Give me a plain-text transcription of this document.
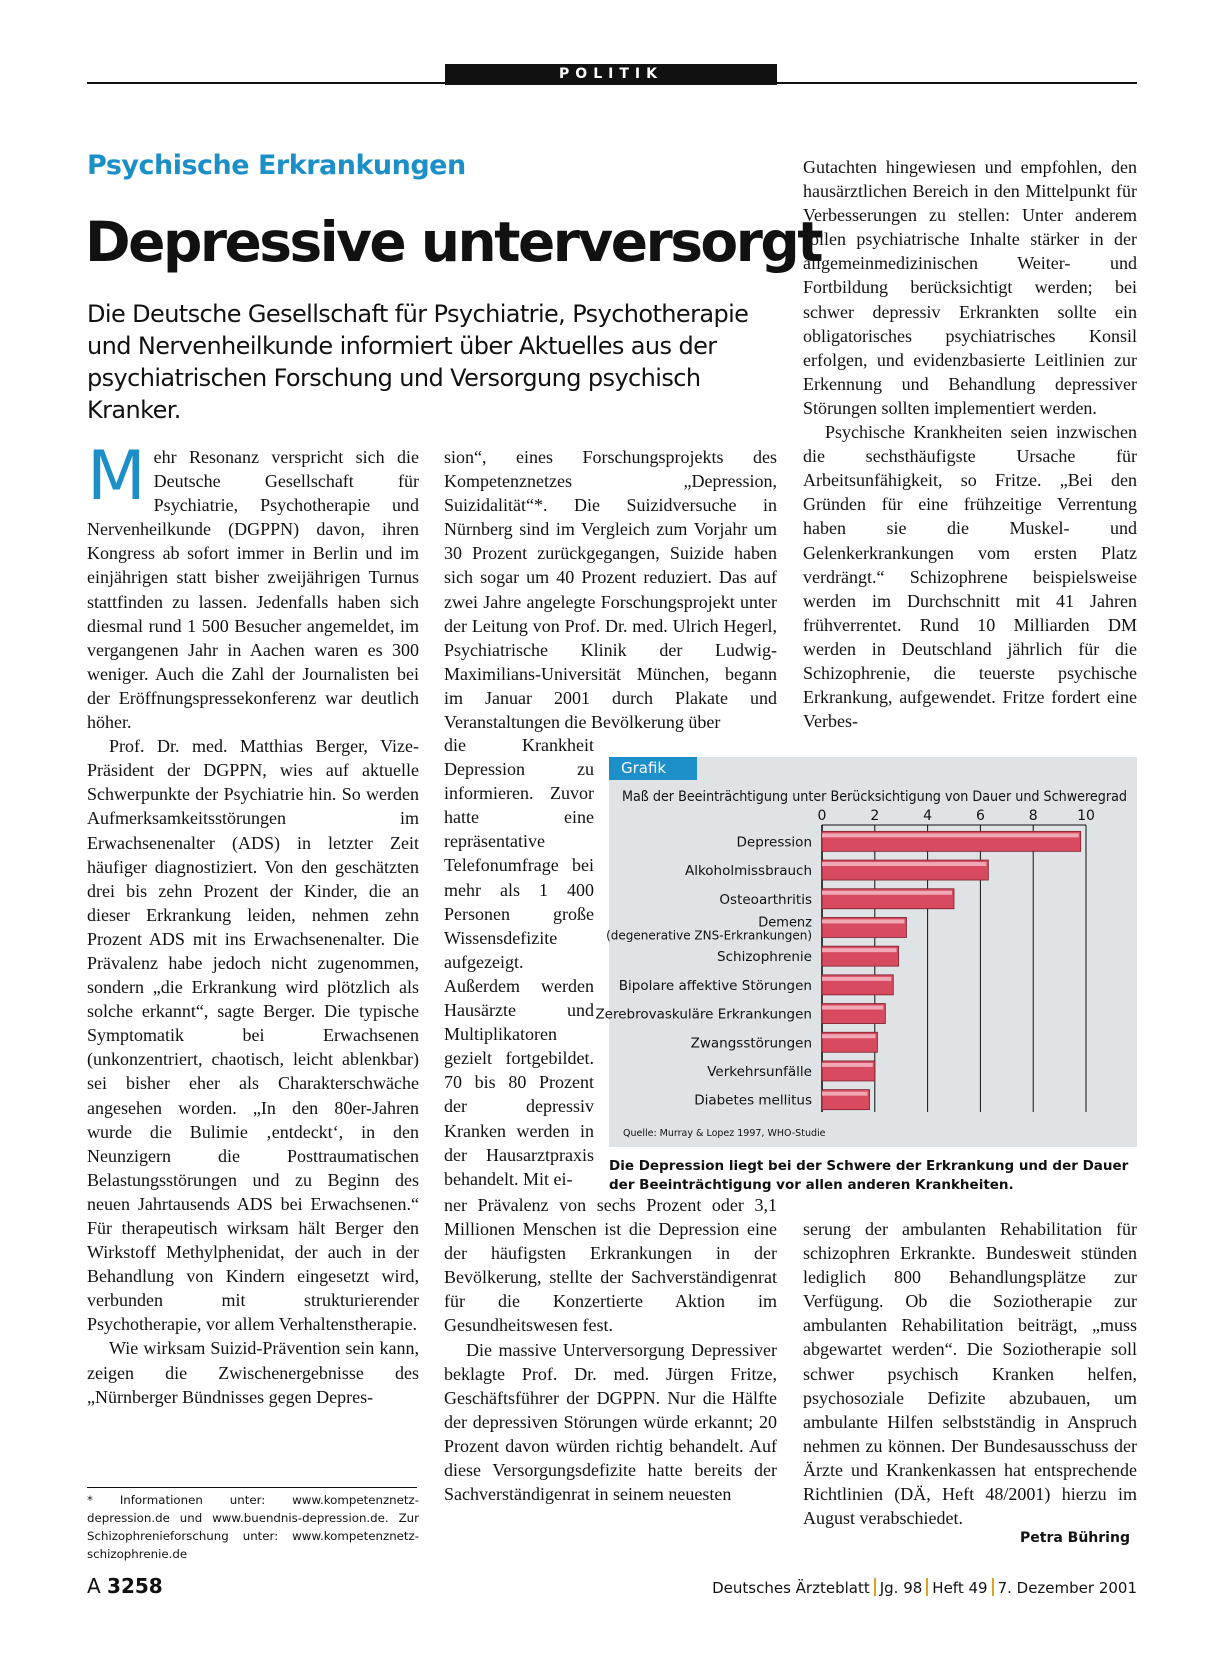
POLITIK
Psychische Erkrankungen
Depressive unterversorgt
Die Deutsche Gesellschaft für Psychiatrie, Psychotherapie und Nervenheilkunde informiert über Aktuelles aus der psychiatrischen Forschung und Versorgung psychisch Kranker.

Mehr Resonanz verspricht sich die Deutsche Gesellschaft für Psychiatrie, Psychotherapie und Nervenheilkunde (DGPPN) davon, ihren Kongress ab sofort immer in Berlin und im einjährigen statt bisher zweijährigen Turnus stattfinden zu lassen. Jedenfalls haben sich diesmal rund 1 500 Besucher angemeldet, im vergangenen Jahr in Aachen waren es 300 weniger. Auch die Zahl der Journalisten bei der Eröffnungspressekonferenz war deutlich höher.

Prof. Dr. med. Matthias Berger, Vize-Präsident der DGPPN, wies auf aktuelle Schwerpunkte der Psychiatrie hin. So werden Aufmerksamkeitsstörungen im Erwachsenenalter (ADS) in letzter Zeit häufiger diagnostiziert. Von den geschätzten drei bis zehn Prozent der Kinder, die an dieser Erkrankung leiden, nehmen zehn Prozent ADS mit ins Erwachsenenalter. Die Prävalenz habe jedoch nicht zugenommen, sondern „die Erkrankung wird plötzlich als solche erkannt“, sagte Berger. Die typische Symptomatik bei Erwachsenen (unkonzentriert, chaotisch, leicht ablenkbar) sei bisher eher als Charakterschwäche angesehen worden. „In den 80er-Jahren wurde die Bulimie ‚entdeckt‘, in den Neunzigern die Posttraumatischen Belastungsstörungen und zu Beginn des neuen Jahrtausends ADS bei Erwachsenen.“ Für therapeutisch wirksam hält Berger den Wirkstoff Methylphenidat, der auch in der Behandlung von Kindern eingesetzt wird, verbunden mit strukturierender Psychotherapie, vor allem Verhaltenstherapie.

Wie wirksam Suizid-Prävention sein kann, zeigen die Zwischenergebnisse des „Nürnberger Bündnisses gegen Depres-

sion“, eines Forschungsprojekts des Kompetenznetzes „Depression, Suizidalität“*. Die Suizidversuche in Nürnberg sind im Vergleich zum Vorjahr um 30 Prozent zurückgegangen, Suizide haben sich sogar um 40 Prozent reduziert. Das auf zwei Jahre angelegte Forschungsprojekt unter der Leitung von Prof. Dr. med. Ulrich Hegerl, Psychiatrische Klinik der Ludwig-Maximilians-Universität München, begann im Januar 2001 durch Plakate und Veranstaltungen die Bevölkerung über

die Krankheit Depression zu informieren. Zuvor hatte eine repräsentative Telefonumfrage bei mehr als 1 400 Personen große Wissensdefizite aufgezeigt. Außerdem werden Hausärzte und Multiplikatoren gezielt fortgebildet. 70 bis 80 Prozent der depressiv Kranken werden in der Hausarztpraxis behandelt. Mit ei-

ner Prävalenz von sechs Prozent oder 3,1 Millionen Menschen ist die Depression eine der häufigsten Erkrankungen in der Bevölkerung, stellte der Sachverständigenrat für die Konzertierte Aktion im Gesundheitswesen fest.

Die massive Unterversorgung Depressiver beklagte Prof. Dr. med. Jürgen Fritze, Geschäftsführer der DGPPN. Nur die Hälfte der depressiven Störungen würde erkannt; 20 Prozent davon würden richtig behandelt. Auf diese Versorgungsdefizite hatte bereits der Sachverständigenrat in seinem neuesten

Gutachten hingewiesen und empfohlen, den hausärztlichen Bereich in den Mittelpunkt für Verbesserungen zu stellen: Unter anderem sollen psychiatrische Inhalte stärker in der allgemeinmedizinischen Weiter- und Fortbildung berücksichtigt werden; bei schwer depressiv Erkrankten sollte ein obligatorisches psychiatrisches Konsil erfolgen, und evidenzbasierte Leitlinien zur Erkennung und Behandlung depressiver Störungen sollten implementiert werden.

Psychische Krankheiten seien inzwischen die sechsthäufigste Ursache für Arbeitsunfähigkeit, so Fritze. „Bei den Gründen für eine frühzeitige Verrentung haben sie die Muskel- und Gelenkerkrankungen vom ersten Platz verdrängt.“ Schizophrene beispielsweise werden im Durchschnitt mit 41 Jahren frühverrentet. Rund 10 Milliarden DM werden in Deutschland jährlich für die Schizophrenie, die teuerste psychische Erkrankung, aufgewendet. Fritze fordert eine Verbes-

serung der ambulanten Rehabilitation für schizophren Erkrankte. Bundesweit stünden lediglich 800 Behandlungsplätze zur Verfügung. Ob die Soziotherapie zur ambulanten Rehabilitation beiträgt, „muss abgewartet werden“. Die Soziotherapie soll schwer psychisch Kranken helfen, psychosoziale Defizite abzubauen, um ambulante Hilfen selbstständig in Anspruch nehmen zu können. Der Bundesausschuss der Ärzte und Krankenkassen hat entsprechende Richtlinien (DÄ, Heft 48/2001) hierzu im August verabschiedet.

Petra Bühring
* Informationen unter: www.kompetenznetz-depression.de und www.buendnis-depression.de. Zur Schizophrenieforschung unter: www.kompetenznetz-schizophrenie.de
Grafik
Maß der Beeinträchtigung unter Berücksichtigung von Dauer und Schweregrad
0	2	4	6	8	10
Depression
Alkoholmissbrauch
Osteoarthritis
Demenz
(degenerative ZNS-Erkrankungen)
Schizophrenie
Bipolare affektive Störungen
Zerebrovaskuläre Erkrankungen
Zwangsstörungen
Verkehrsunfälle
Diabetes mellitus
Quelle: Murray & Lopez 1997, WHO-Studie
Die Depression liegt bei der Schwere der Erkrankung und der Dauer der Beeinträchtigung vor allen anderen Krankheiten.
A 3258	Deutsches Ärzteblatt Jg. 98 Heft 49 7. Dezember 2001
